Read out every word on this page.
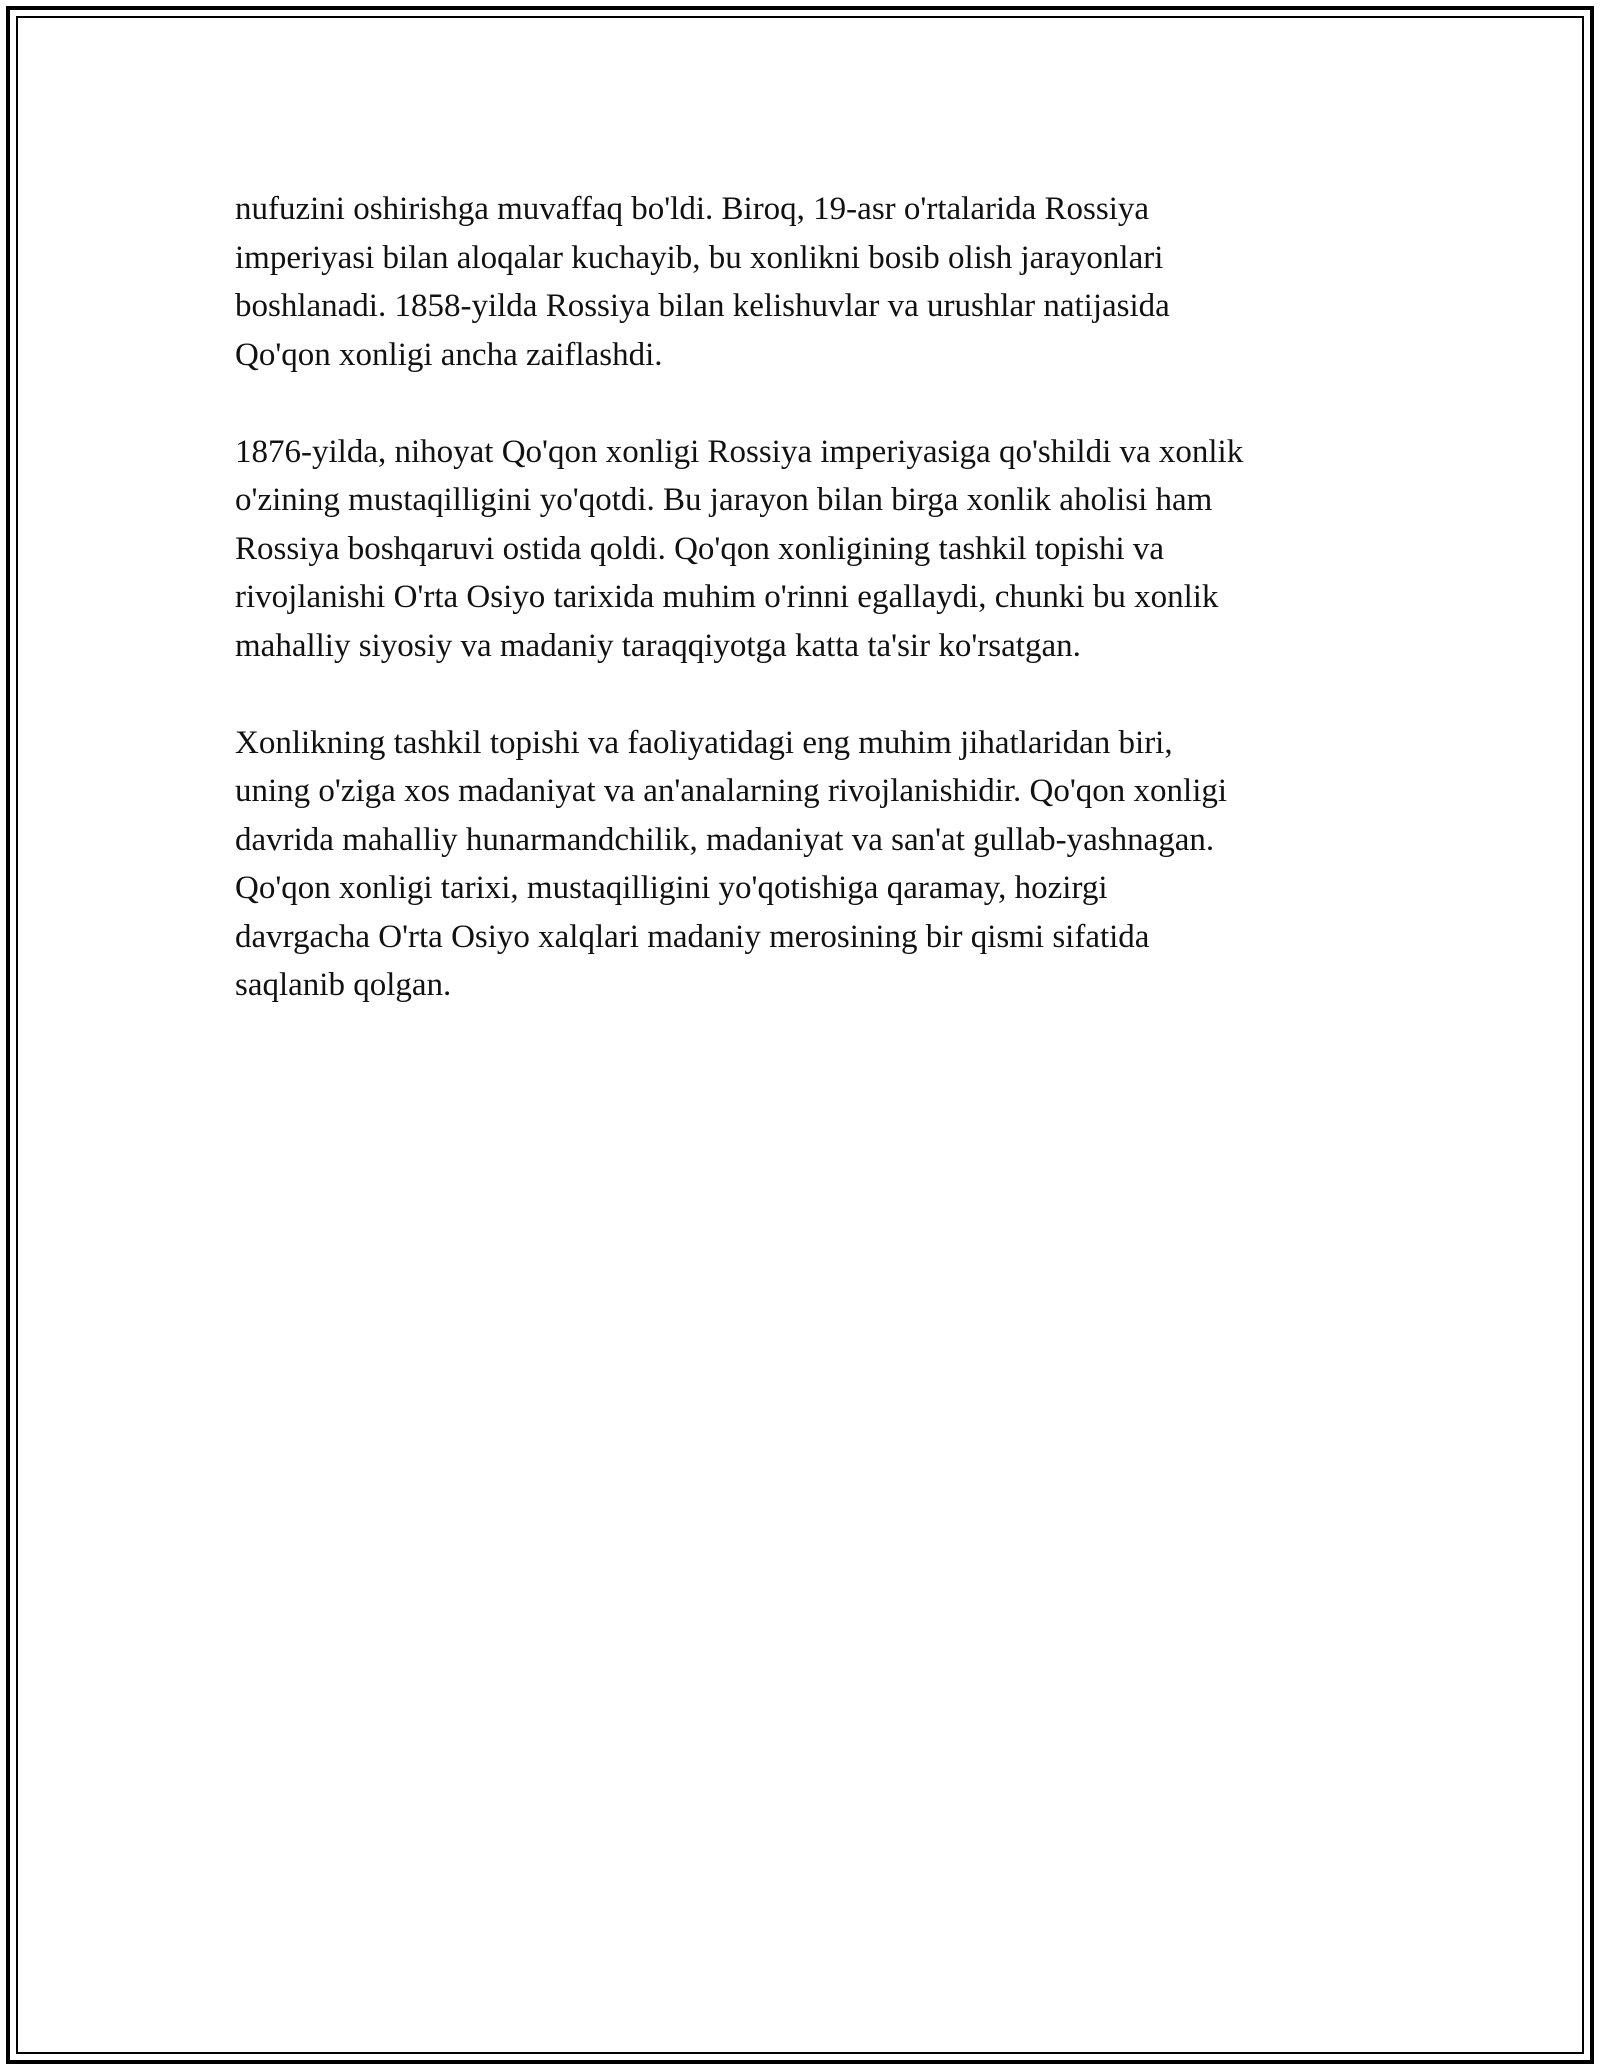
nufuzini oshirishga muvaffaq bo'ldi. Biroq, 19-asr o'rtalarida Rossiya
imperiyasi bilan aloqalar kuchayib, bu xonlikni bosib olish jarayonlari
boshlanadi. 1858-yilda Rossiya bilan kelishuvlar va urushlar natijasida
Qo'qon xonligi ancha zaiflashdi.

1876-yilda, nihoyat Qo'qon xonligi Rossiya imperiyasiga qo'shildi va xonlik
o'zining mustaqilligini yo'qotdi. Bu jarayon bilan birga xonlik aholisi ham
Rossiya boshqaruvi ostida qoldi. Qo'qon xonligining tashkil topishi va
rivojlanishi O'rta Osiyo tarixida muhim o'rinni egallaydi, chunki bu xonlik
mahalliy siyosiy va madaniy taraqqiyotga katta ta'sir ko'rsatgan.

Xonlikning tashkil topishi va faoliyatidagi eng muhim jihatlaridan biri,
uning o'ziga xos madaniyat va an'analarning rivojlanishidir. Qo'qon xonligi
davrida mahalliy hunarmandchilik, madaniyat va san'at gullab-yashnagan.
Qo'qon xonligi tarixi, mustaqilligini yo'qotishiga qaramay, hozirgi
davrgacha O'rta Osiyo xalqlari madaniy merosining bir qismi sifatida
saqlanib qolgan.
